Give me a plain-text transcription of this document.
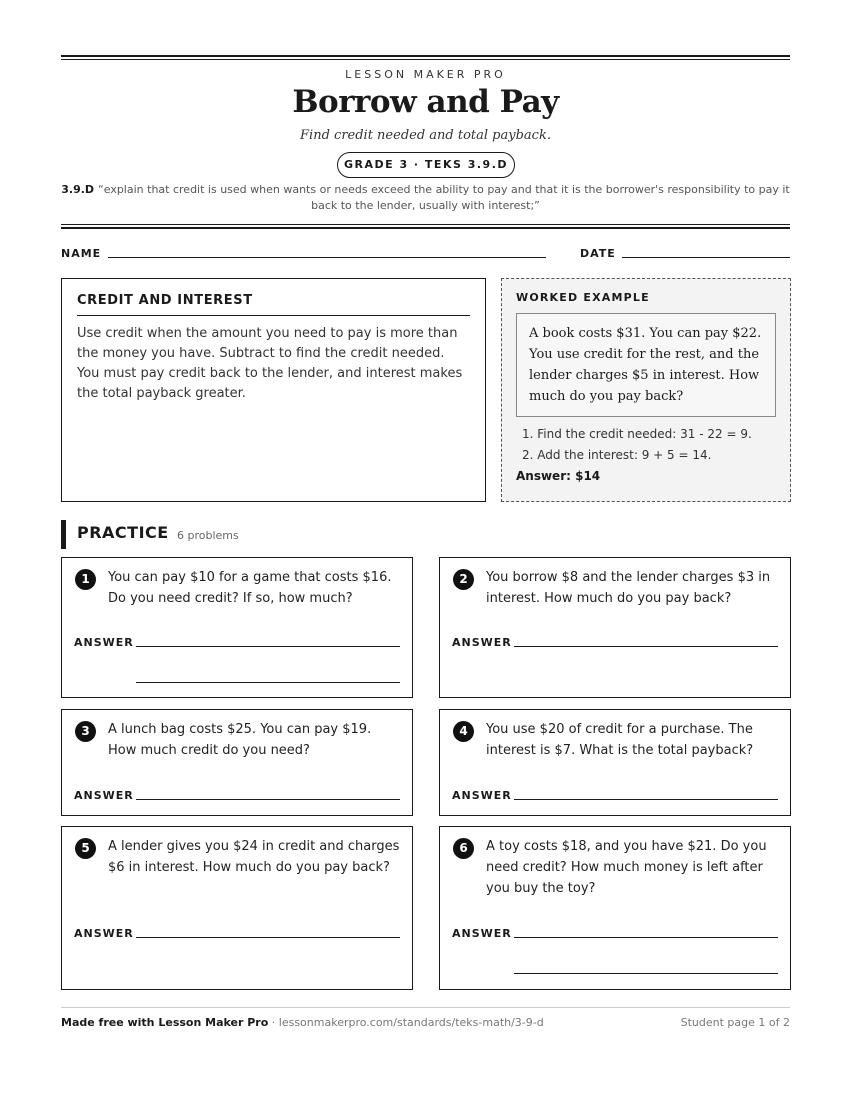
LESSON MAKER PRO
Borrow and Pay
Find credit needed and total payback.
GRADE 3 · TEKS 3.9.D
3.9.D “explain that credit is used when wants or needs exceed the ability to pay and that it is the borrower's responsibility to pay it back to the lender, usually with interest;”
NAME	DATE
CREDIT AND INTEREST

Use credit when the amount you need to pay is more than the money you have. Subtract to find the credit needed. You must pay credit back to the lender, and interest makes the total payback greater.

WORKED EXAMPLE
A book costs $31. You can pay $22. You use credit for the rest, and the lender charges $5 in interest. How much do you pay back?
1. Find the credit needed: 31 - 22 = 9.
2. Add the interest: 9 + 5 = 14.
Answer: $14
PRACTICE 6 problems
1	You can pay $10 for a game that costs $16. Do you need credit? If so, how much?
ANSWER
2	You borrow $8 and the lender charges $3 in interest. How much do you pay back?
ANSWER
3	A lunch bag costs $25. You can pay $19. How much credit do you need?
ANSWER
4	You use $20 of credit for a purchase. The interest is $7. What is the total payback?
ANSWER
5	A lender gives you $24 in credit and charges $6 in interest. How much do you pay back?
ANSWER
6	A toy costs $18, and you have $21. Do you need credit? How much money is left after you buy the toy?
ANSWER
Made free with Lesson Maker Pro · lessonmakerpro.com/standards/teks-math/3-9-d	Student page 1 of 2
